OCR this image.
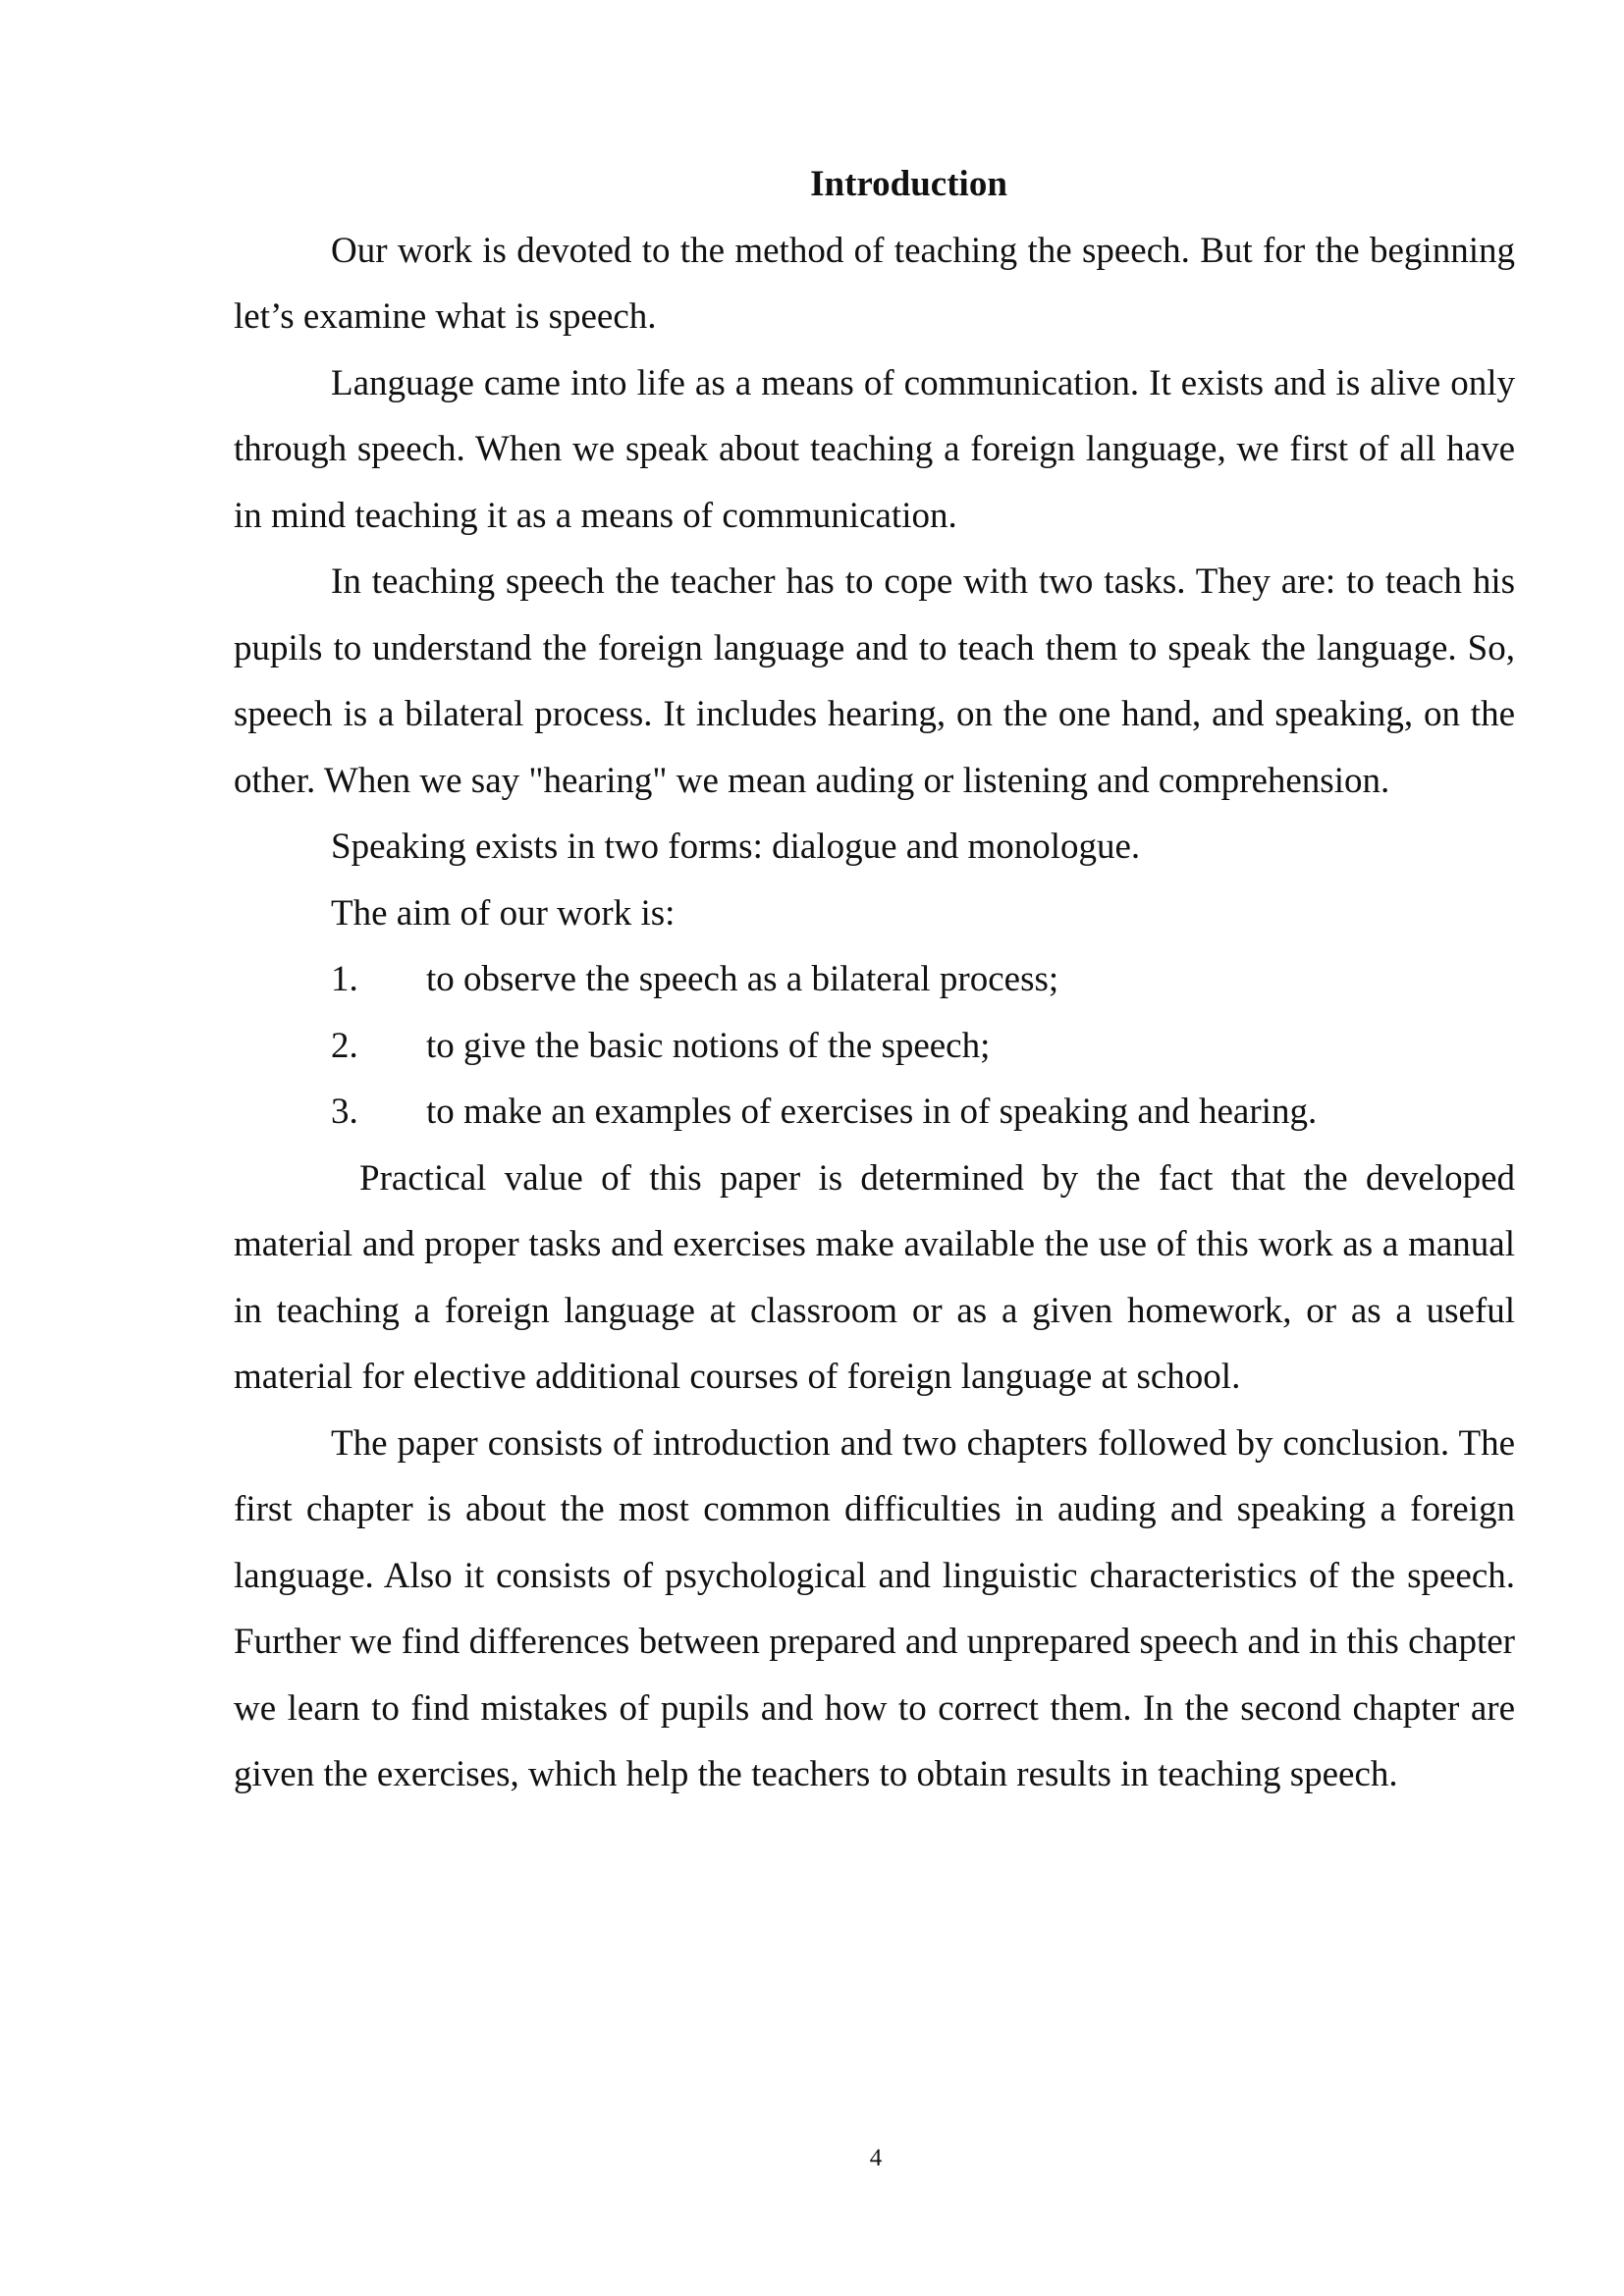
Introduction

Our work is devoted to the method of teaching the speech. But for the beginning let’s examine what is speech.

Language came into life as a means of communication. It exists and is alive only through speech. When we speak about teaching a foreign language, we first of all have in mind teaching it as a means of communication.

In teaching speech the teacher has to cope with two tasks. They are: to teach his pupils to understand the foreign language and to teach them to speak the language. So, speech is a bilateral process. It includes hearing, on the one hand, and speaking, on the other. When we say "hearing" we mean auding or listening and comprehension.

Speaking exists in two forms: dialogue and monologue.

The aim of our work is:

1. to observe the speech as a bilateral process;
2. to give the basic notions of the speech;
3. to make an examples of exercises in of speaking and hearing.

Practical value of this paper is determined by the fact that the developed material and proper tasks and exercises make available the use of this work as a manual in teaching a foreign language at classroom or as a given homework, or as a useful material for elective additional courses of foreign language at school.

The paper consists of introduction and two chapters followed by conclusion. The first chapter is about the most common difficulties in auding and speaking a foreign language. Also it consists of psychological and linguistic characteristics of the speech. Further we find differences between prepared and unprepared speech and in this chapter we learn to find mistakes of pupils and how to correct them. In the second chapter are given the exercises, which help the teachers to obtain results in teaching speech.

4
